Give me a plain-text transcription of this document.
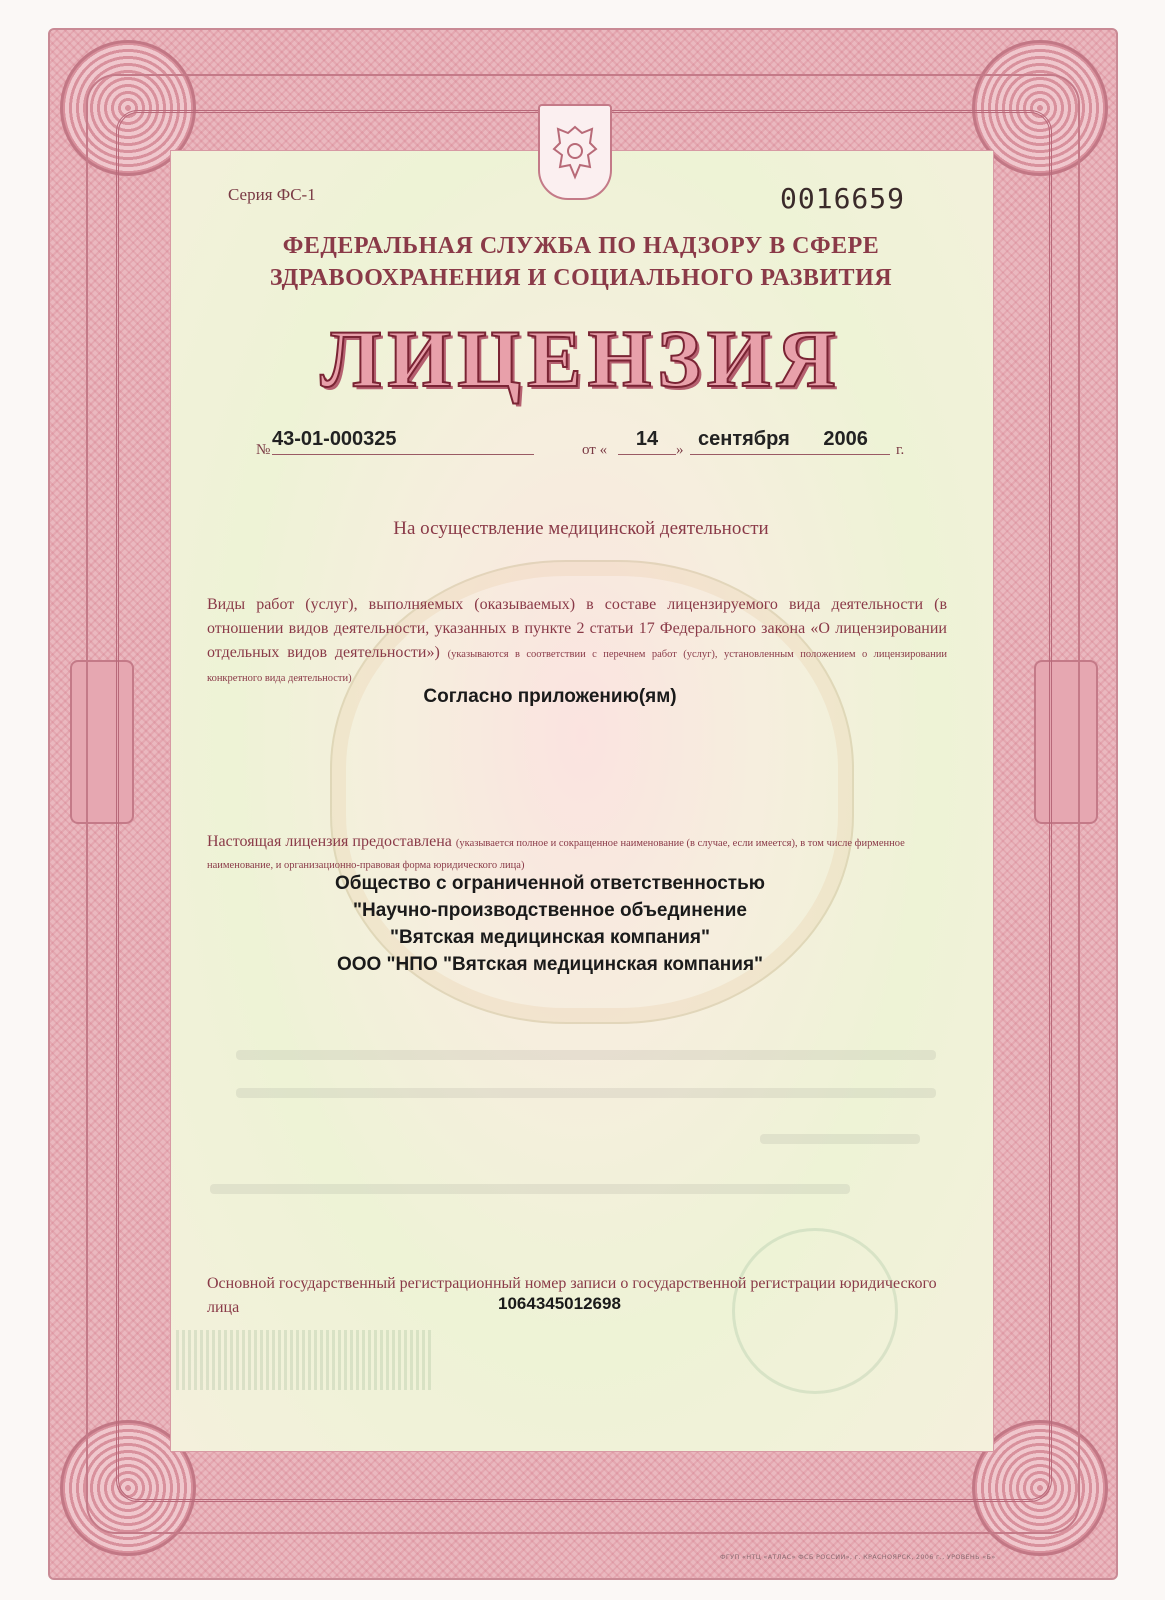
Серия ФС-1	0016659
ФЕДЕРАЛЬНАЯ СЛУЖБА ПО НАДЗОРУ В СФЕРЕ
ЗДРАВООХРАНЕНИЯ И СОЦИАЛЬНОГО РАЗВИТИЯ
ЛИЦЕНЗИЯ
№ 43-01-000325	от «	14	» сентября 2006	г.
На осуществление медицинской деятельности
Виды работ (услуг), выполняемых (оказываемых) в составе лицензируемого вида деятельности (в отношении видов деятельности, указанных в пункте 2 статьи 17 Федерального закона «О лицензировании отдельных видов деятельности») (указываются в соответствии с перечнем работ (услуг), установленным положением о лицензировании конкретного вида деятельности)
Согласно приложению(ям)
Настоящая лицензия предоставлена (указывается полное и сокращенное наименование (в случае, если имеется), в том числе фирменное наименование, и организационно-правовая форма юридического лица)
Общество с ограниченной ответственностью
"Научно-производственное объединение
"Вятская медицинская компания"
ООО "НПО "Вятская медицинская компания"
Основной государственный регистрационный номер записи о государственной регистрации юридического лица	1064345012698
ФГУП «НТЦ «АТЛАС» ФСБ РОССИИ», г. КРАСНОЯРСК, 2006 г., УРОВЕНЬ «Б»
